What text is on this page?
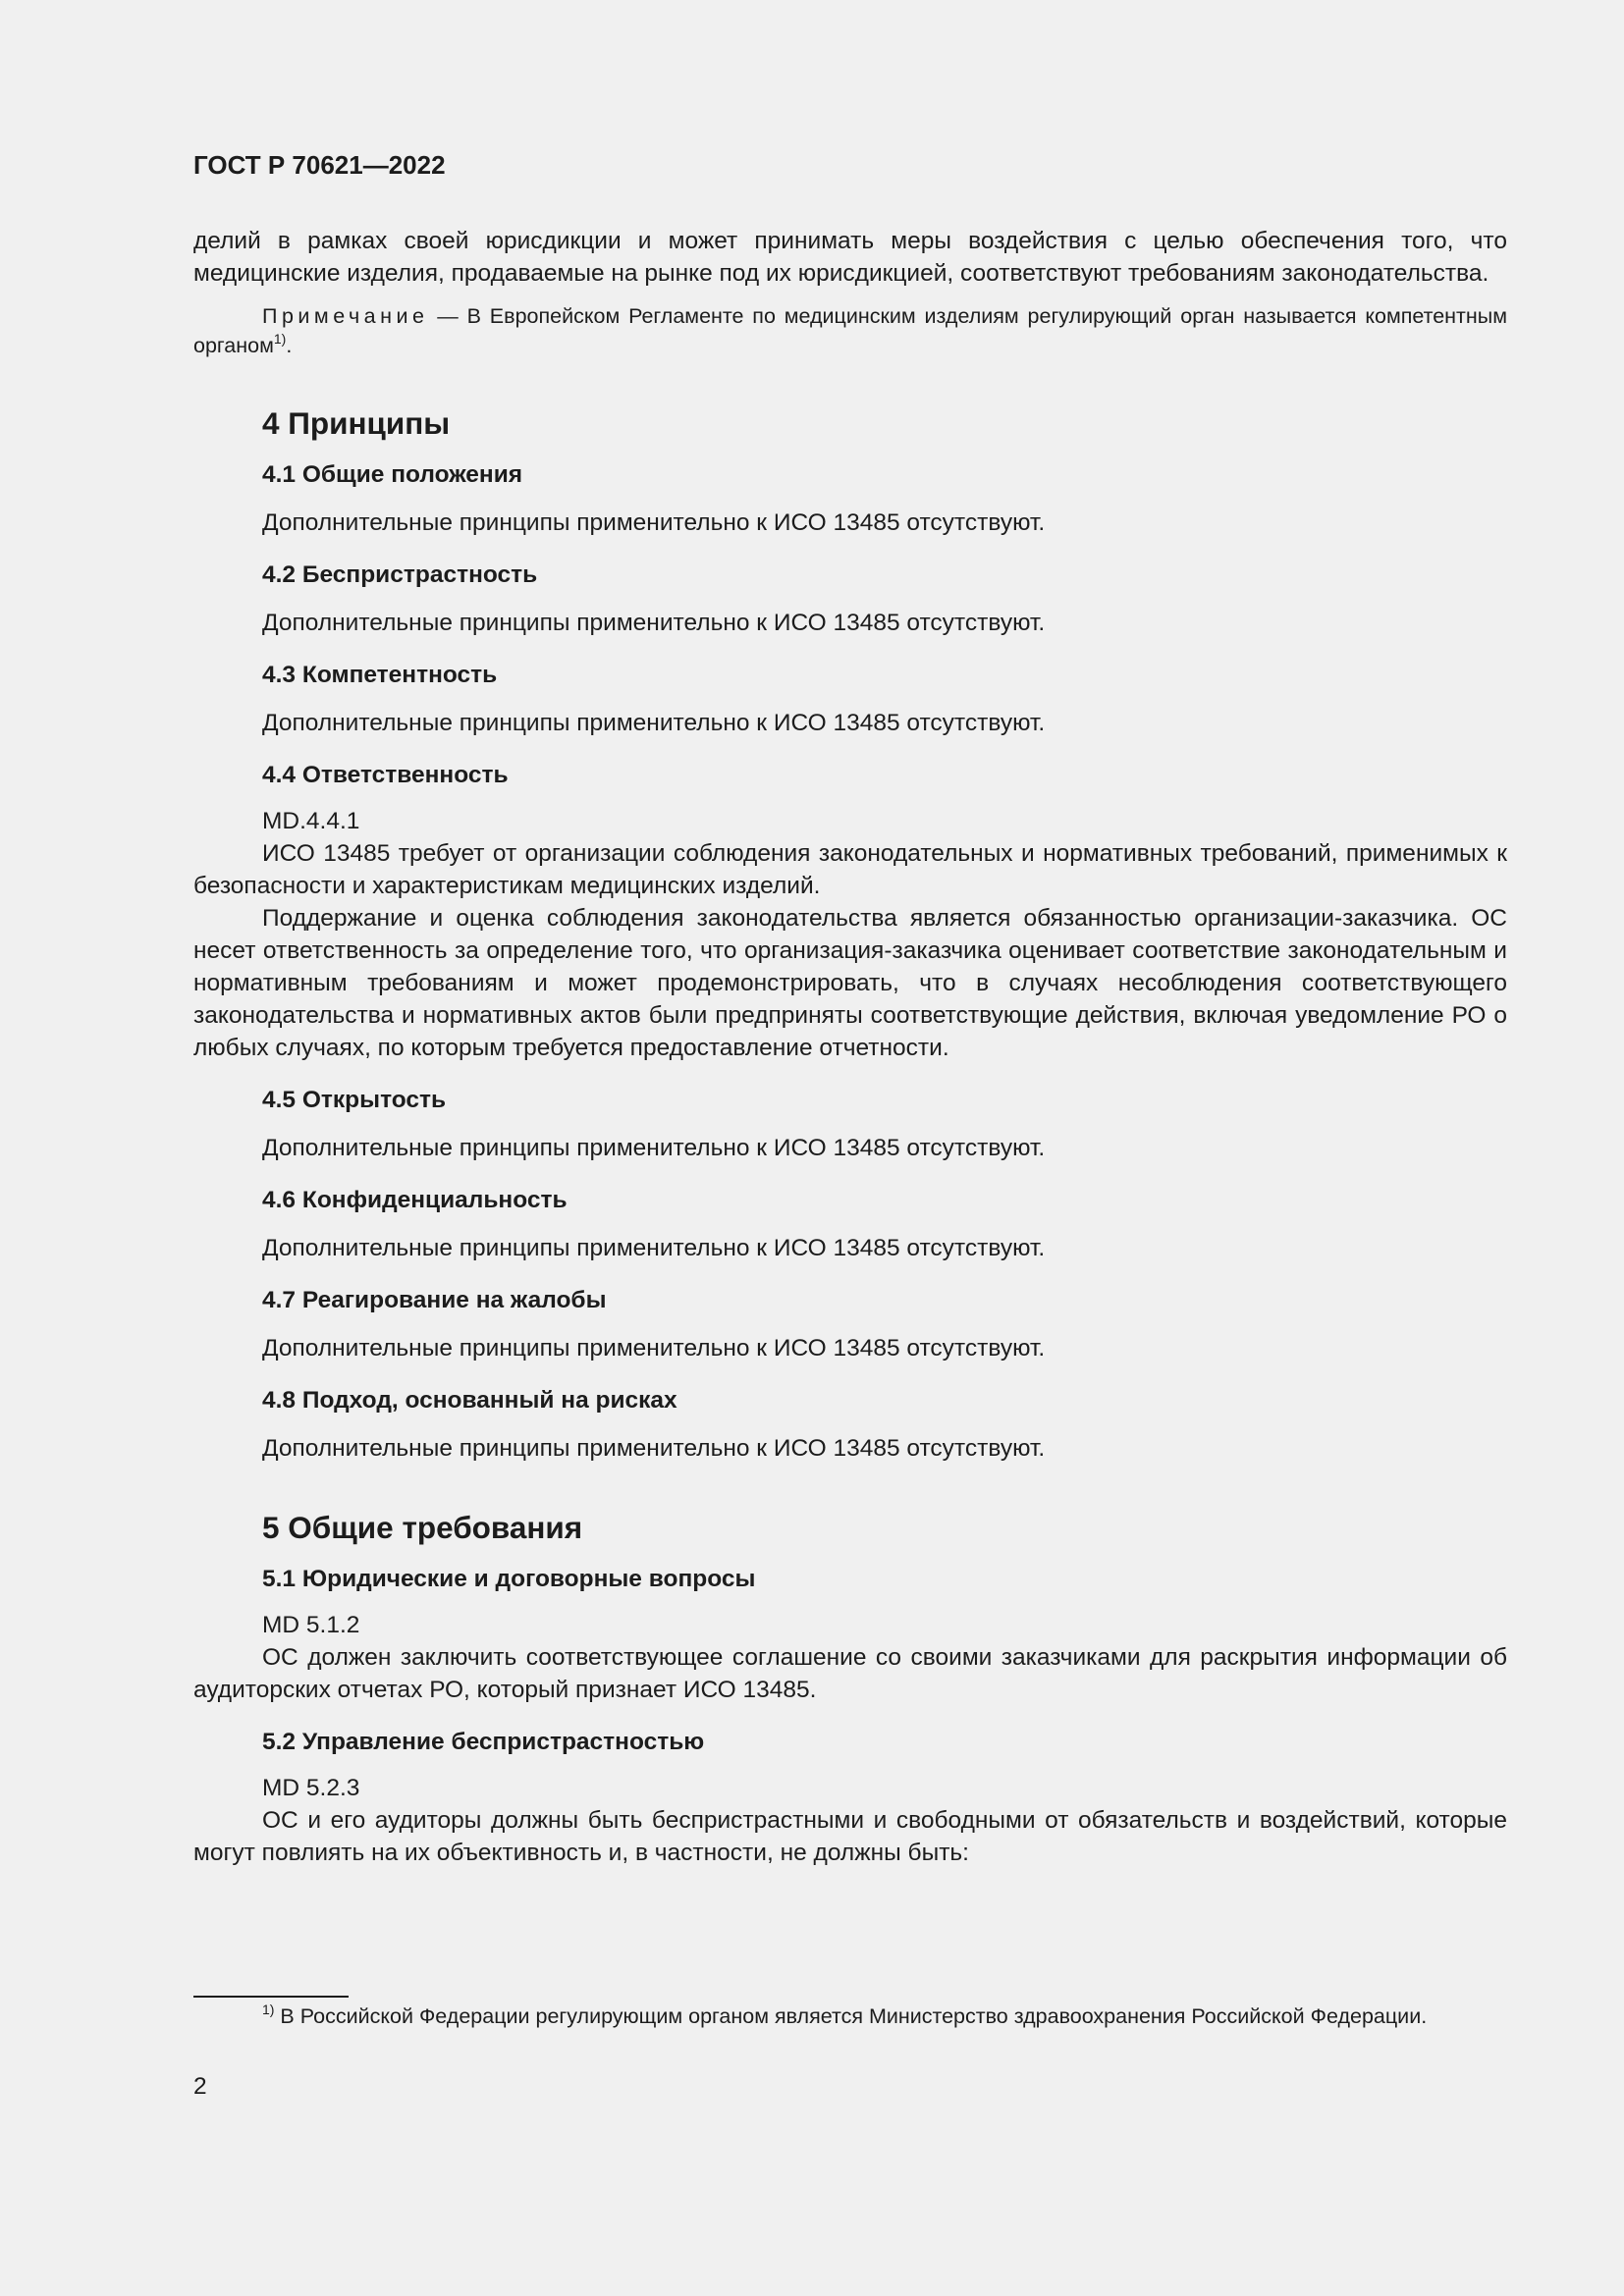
ГОСТ Р 70621—2022

делий в рамках своей юрисдикции и может принимать меры воздействия с целью обеспечения того, что медицинские изделия, продаваемые на рынке под их юрисдикцией, соответствуют требованиям законодательства.

Примечание — В Европейском Регламенте по медицинским изделиям регулирующий орган называется компетентным органом$^{1)}$.

4 Принципы
4.1 Общие положения

Дополнительные принципы применительно к ИСО 13485 отсутствуют.

4.2 Беспристрастность

Дополнительные принципы применительно к ИСО 13485 отсутствуют.

4.3 Компетентность

Дополнительные принципы применительно к ИСО 13485 отсутствуют.

4.4 Ответственность

MD.4.4.1

ИСО 13485 требует от организации соблюдения законодательных и нормативных требований, применимых к безопасности и характеристикам медицинских изделий.

Поддержание и оценка соблюдения законодательства является обязанностью организации-заказчика. ОС несет ответственность за определение того, что организация-заказчика оценивает соответствие законодательным и нормативным требованиям и может продемонстрировать, что в случаях несоблюдения соответствующего законодательства и нормативных актов были предприняты соответствующие действия, включая уведомление РО о любых случаях, по которым требуется предоставление отчетности.

4.5 Открытость

Дополнительные принципы применительно к ИСО 13485 отсутствуют.

4.6 Конфиденциальность

Дополнительные принципы применительно к ИСО 13485 отсутствуют.

4.7 Реагирование на жалобы

Дополнительные принципы применительно к ИСО 13485 отсутствуют.

4.8 Подход, основанный на рисках

Дополнительные принципы применительно к ИСО 13485 отсутствуют.

5 Общие требования
5.1 Юридические и договорные вопросы

MD 5.1.2

ОС должен заключить соответствующее соглашение со своими заказчиками для раскрытия информации об аудиторских отчетах РО, который признает ИСО 13485.

5.2 Управление беспристрастностью

MD 5.2.3

ОС и его аудиторы должны быть беспристрастными и свободными от обязательств и воздействий, которые могут повлиять на их объективность и, в частности, не должны быть:

$^{1)}$ В Российской Федерации регулирующим органом является Министерство здравоохранения Российской Федерации.

2
